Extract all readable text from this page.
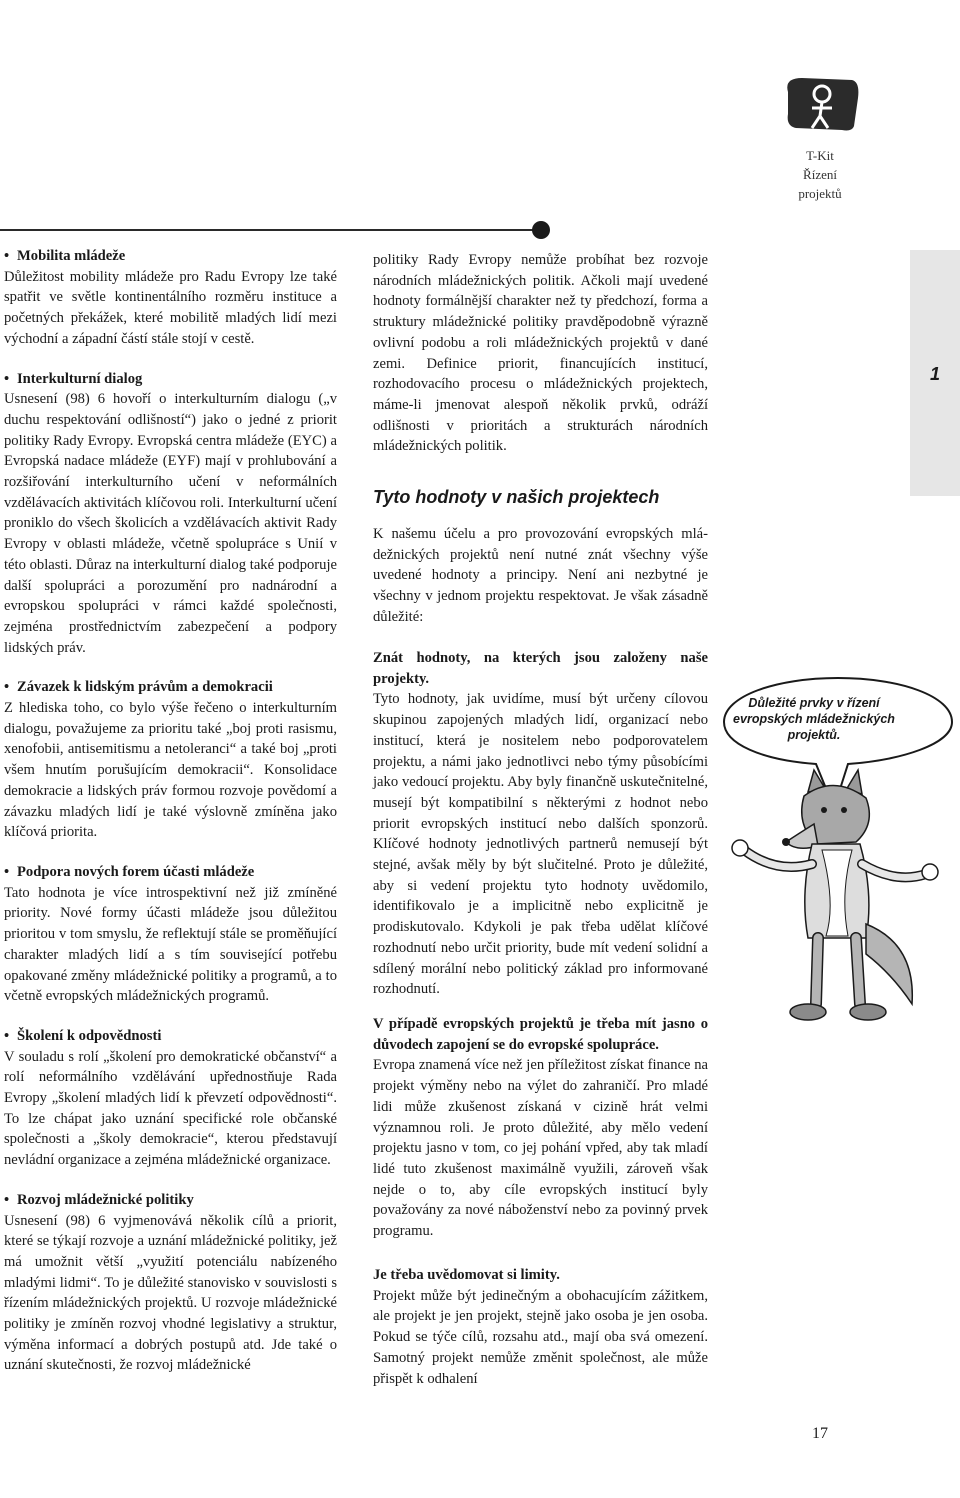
T-Kit
Řízení
projektů
1

• Mobilita mládeže

Důležitost mobility mládeže pro Radu Evropy lze také spatřit ve světle kontinentálního rozměru instituce a početných překážek, které mobilitě mladých lidí mezi východní a západní částí stále stojí v cestě.

• Interkulturní dialog

Usnesení (98) 6 hovoří o interkulturním dialogu („v duchu respektování odlišností“) jako o jedné z priorit politiky Rady Evropy. Evropská centra mládeže (EYC) a Evropská nadace mládeže (EYF) mají v prohlubování a rozšiřování interkulturního učení v neformálních vzdělávacích aktivitách klíčovou roli. Interkulturní učení proniklo do všech školicích a vzdělávacích aktivit Rady Evropy v oblasti mládeže, včetně spolupráce s Unií v této oblasti. Důraz na interkulturní dialog také podporuje další spolupráci a porozumění pro nadnárodní a evropskou spolupráci v rámci každé společnosti, zejména prostřednictvím zabezpečení a podpory lidských práv.

• Závazek k lidským právům a demokracii

Z hlediska toho, co bylo výše řečeno o interkulturním dialogu, považujeme za prioritu také „boj proti rasismu, xenofobii, antisemitismu a netoleranci“ a také boj „proti všem hnutím porušujícím demokracii“. Konsolidace demokracie a lidských práv formou rozvoje povědomí a závazku mladých lidí je také výslovně zmíněna jako klíčová priorita.

• Podpora nových forem účasti mládeže

Tato hodnota je více introspektivní než již zmíněné priority. Nové formy účasti mládeže jsou důležitou prioritou v tom smyslu, že reflektují stále se proměňující charakter mladých lidí a s tím související potřebu opakované změny mládežnické politiky a programů, a to včetně evropských mládežnických programů.

• Školení k odpovědnosti

V souladu s rolí „školení pro demokratické občanství“ a rolí neformálního vzdělávání upřednostňuje Rada Evropy „školení mladých lidí k převzetí odpovědnosti“. To lze chápat jako uznání specifické role občanské společnosti a „školy demokracie“, kterou představují nevládní organizace a zejména mládežnické organizace.

• Rozvoj mládežnické politiky

Usnesení (98) 6 vyjmenovává několik cílů a priorit, které se týkají rozvoje a uznání mládežnické politiky, jež má umožnit větší „využití potenciálu nabízeného mladými lidmi“. To je důležité stanovisko v souvislosti s řízením mládežnických projektů. U rozvoje mládežnické politiky je zmíněn rozvoj vhodné legislativy a struktur, výměna informací a dobrých postupů atd. Jde také o uznání skutečnosti, že rozvoj mládežnické

politiky Rady Evropy nemůže probíhat bez rozvoje národních mládežnických politik. Ačkoli mají uvedené hodnoty formálnější charakter než ty předchozí, forma a struktury mládežnické politiky pravděpodobně výrazně ovlivní podobu a roli mládežnických projektů v dané zemi. Definice priorit, financujících institucí, rozhodovacího procesu o mládežnických projektech, máme-li jmenovat alespoň několik prvků, odráží odlišnosti v prioritách a strukturách národních mládežnických politik.
Tyto hodnoty v našich projektech
K našemu účelu a pro provozování evropských mládežnických projektů není nutné znát všechny výše uvedené hodnoty a principy. Není ani nezbytné je všechny v jednom projektu respektovat. Je však zásadně důležité:

Znát hodnoty, na kterých jsou založeny naše projekty.

Tyto hodnoty, jak uvidíme, musí být určeny cílovou skupinou zapojených mladých lidí, organizací nebo institucí, která je nositelem nebo podporovatelem projektu, a námi jako jednotlivci nebo týmy působícími jako vedoucí projektu. Aby byly finančně uskutečnitelné, musejí být kompatibilní s některými z hodnot nebo priorit evropských institucí nebo dalších sponzorů. Klíčové hodnoty jednotlivých partnerů nemusejí být stejné, avšak měly by být slučitelné. Proto je důležité, aby si vedení projektu tyto hodnoty uvědomilo, identifikovalo je a implicitně nebo explicitně je prodiskutovalo. Kdykoli je pak třeba udělat klíčové rozhodnutí nebo určit priority, bude mít vedení solidní a sdílený morální nebo politický základ pro informované rozhodnutí.

V případě evropských projektů je třeba mít jasno o důvodech zapojení se do evropské spolupráce.

Evropa znamená více než jen příležitost získat finance na projekt výměny nebo na výlet do zahraničí. Pro mladé lidi může zkušenost získaná v cizině hrát velmi významnou roli. Je proto důležité, aby mělo vedení projektu jasno v tom, co jej pohání vpřed, aby tak mladí lidé tuto zkušenost maximálně využili, zároveň však nejde o to, aby cíle evropských institucí byly považovány za nové náboženství nebo za povinný prvek programu.

Je třeba uvědomovat si limity.

Projekt může být jedinečným a obohacujícím zážitkem, ale projekt je jen projekt, stejně jako osoba je jen osoba. Pokud se týče cílů, rozsahu atd., mají oba svá omezení. Samotný projekt nemůže změnit společnost, ale může přispět k odhalení

Důležité prvky v řízení evropských mládežnických projektů.
17
